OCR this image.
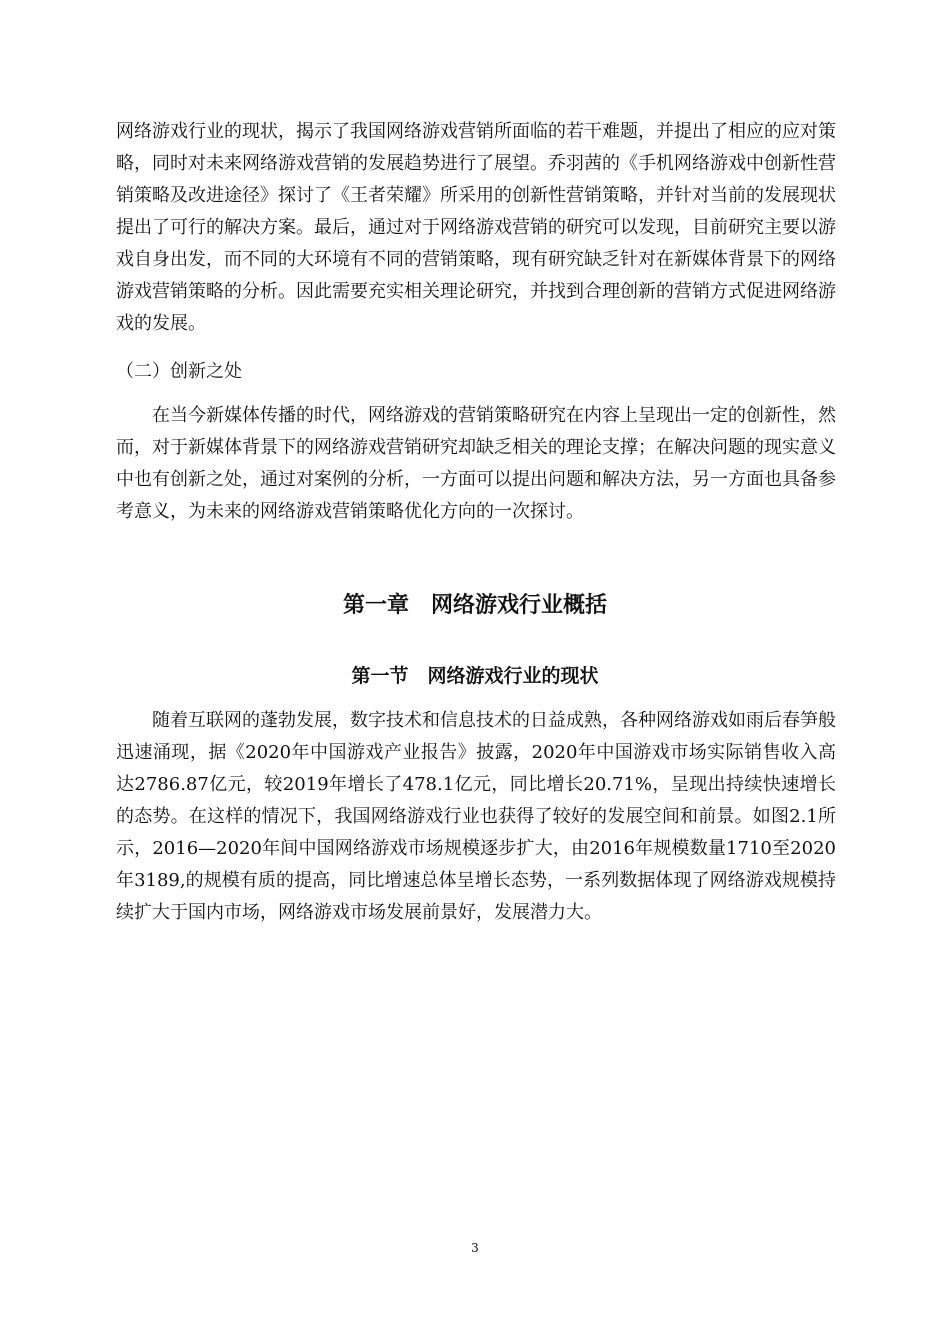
网络游戏行业的现状，揭示了我国网络游戏营销所面临的若干难题，并提出了相应的应对策略，同时对未来网络游戏营销的发展趋势进行了展望。乔羽茜的《手机网络游戏中创新性营销策略及改进途径》探讨了《王者荣耀》所采用的创新性营销策略，并针对当前的发展现状提出了可行的解决方案。最后，通过对于网络游戏营销的研究可以发现，目前研究主要以游戏自身出发，而不同的大环境有不同的营销策略，现有研究缺乏针对在新媒体背景下的网络游戏营销策略的分析。因此需要充实相关理论研究，并找到合理创新的营销方式促进网络游戏的发展。

（二）创新之处

在当今新媒体传播的时代，网络游戏的营销策略研究在内容上呈现出一定的创新性，然而，对于新媒体背景下的网络游戏营销研究却缺乏相关的理论支撑；在解决问题的现实意义中也有创新之处，通过对案例的分析，一方面可以提出问题和解决方法，另一方面也具备参考意义，为未来的网络游戏营销策略优化方向的一次探讨。

第一章　网络游戏行业概括
第一节　网络游戏行业的现状

随着互联网的蓬勃发展，数字技术和信息技术的日益成熟，各种网络游戏如雨后春笋般迅速涌现，据《2020年中国游戏产业报告》披露，2020年中国游戏市场实际销售收入高达2786.87亿元，较2019年增长了478.1亿元，同比增长20.71%，呈现出持续快速增长的态势。在这样的情况下，我国网络游戏行业也获得了较好的发展空间和前景。如图2.1所示，2016—2020年间中国网络游戏市场规模逐步扩大，由2016年规模数量1710至2020年3189,的规模有质的提高，同比增速总体呈增长态势，一系列数据体现了网络游戏规模持续扩大于国内市场，网络游戏市场发展前景好，发展潜力大。

3
